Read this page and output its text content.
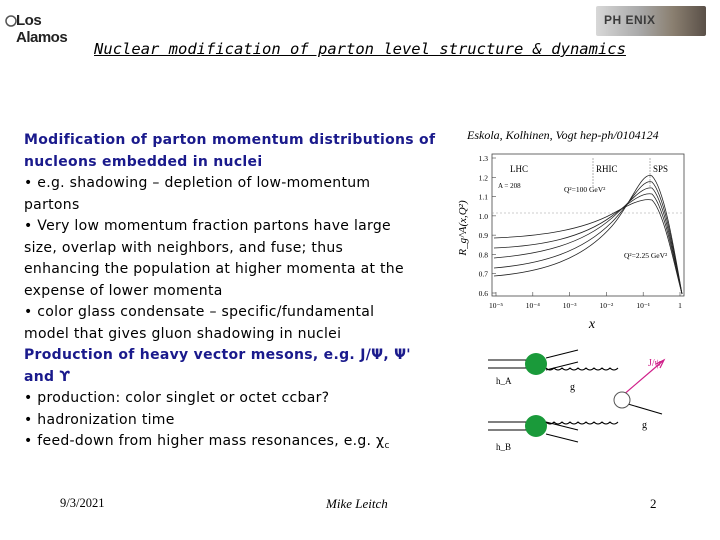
Los Alamos
PH ENIX
Nuclear modification of parton level structure & dynamics
Modification of parton momentum distributions of
nucleons embedded in nuclei
• e.g. shadowing – depletion of low-momentum
partons
• Very low momentum fraction partons have large
size, overlap with neighbors, and fuse; thus
enhancing the population at higher momenta at the
expense of lower momenta
• color glass condensate – specific/fundamental
model that gives gluon shadowing in nuclei
Production of heavy vector mesons, e.g. J/Ψ, Ψ'
and ϒ
• production: color singlet or octet ccbar?
• hadronization time
• feed-down from higher mass resonances, e.g. $\chi_c$
Eskola, Kolhinen, Vogt hep-ph/0104124
1.3
1.2
1.1
1.0
0.9
0.8
0.7
0.6
10⁻⁵	10⁻⁴	10⁻³	10⁻²	10⁻¹	1
LHC	RHIC	SPS
A = 208	Q²=100 GeV²
Q²=2.25 GeV²
R_g^A(x,Q²)
x
J/ψ
h_A
h_B
g
g
9/3/2021	Mike Leitch	2
